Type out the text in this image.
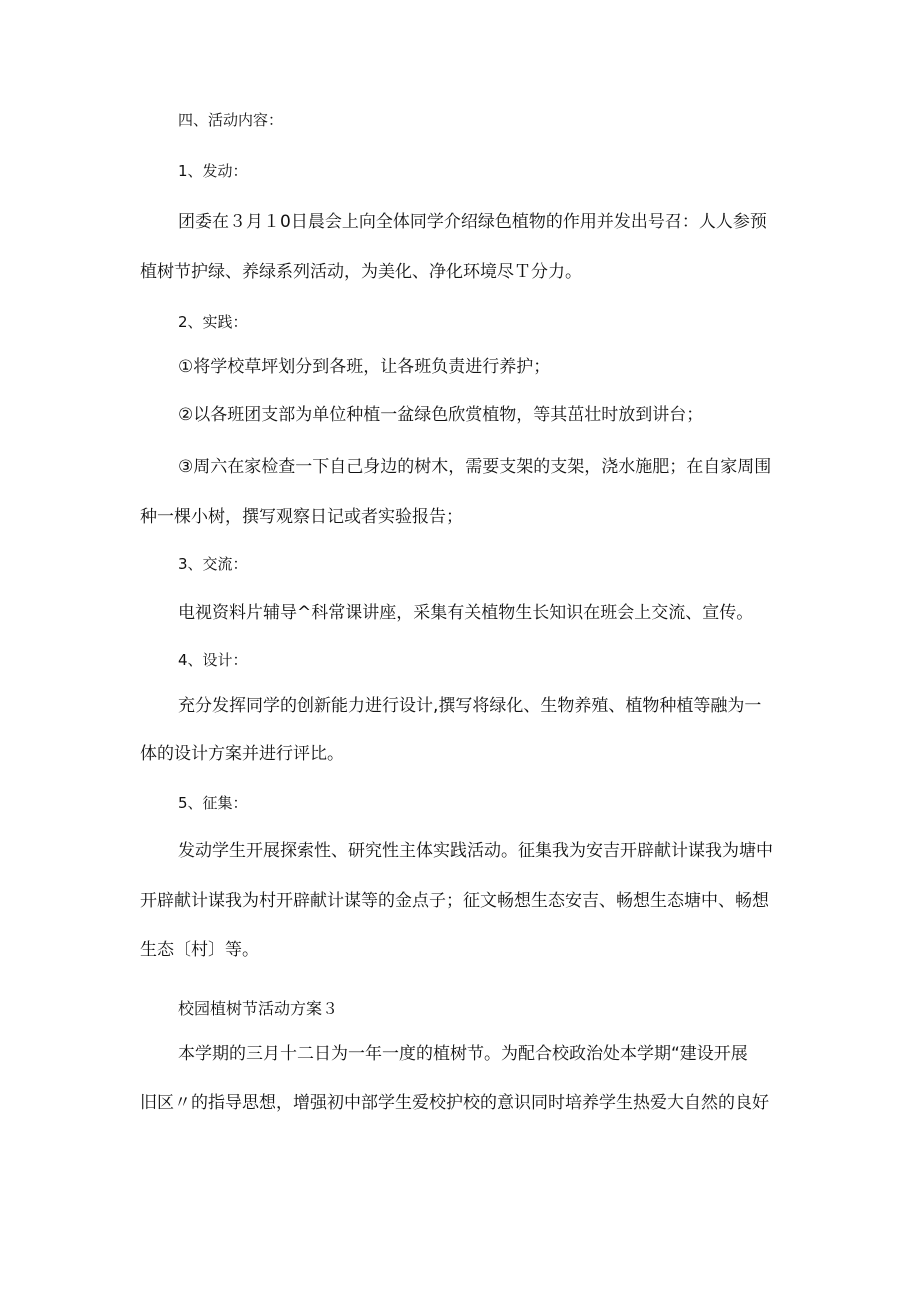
四、活动内容：
1、发动：
团委在３月１0日晨会上向全体同学介绍绿色植物的作用并发出号召：人人参预
植树节护绿、养绿系列活动，为美化、净化环境尽Ｔ分力。
2、实践：
①将学校草坪划分到各班，让各班负责进行养护；
②以各班团支部为单位种植一盆绿色欣赏植物，等其茁壮时放到讲台；
③周六在家检查一下自己身边的树木，需要支架的支架，浇水施肥；在自家周围
种一棵小树，撰写观察日记或者实验报告；
3、交流：
电视资料片辅导^科常课讲座，采集有关植物生长知识在班会上交流、宣传。
4、设计：
充分发挥同学的创新能力进行设计,撰写将绿化、生物养殖、植物种植等融为一
体的设计方案并进行评比。
5、征集：
发动学生开展探索性、研究性主体实践活动。征集我为安吉开辟献计谋我为塘中
开辟献计谋我为村开辟献计谋等的金点子；征文畅想生态安吉、畅想生态塘中、畅想
生态〔村〕等。
校园植树节活动方案３
本学期的三月十二日为一年一度的植树节。为配合校政治处本学期“建设开展
旧区〃的指导思想，增强初中部学生爱校护校的意识同时培养学生热爱大自然的良好
